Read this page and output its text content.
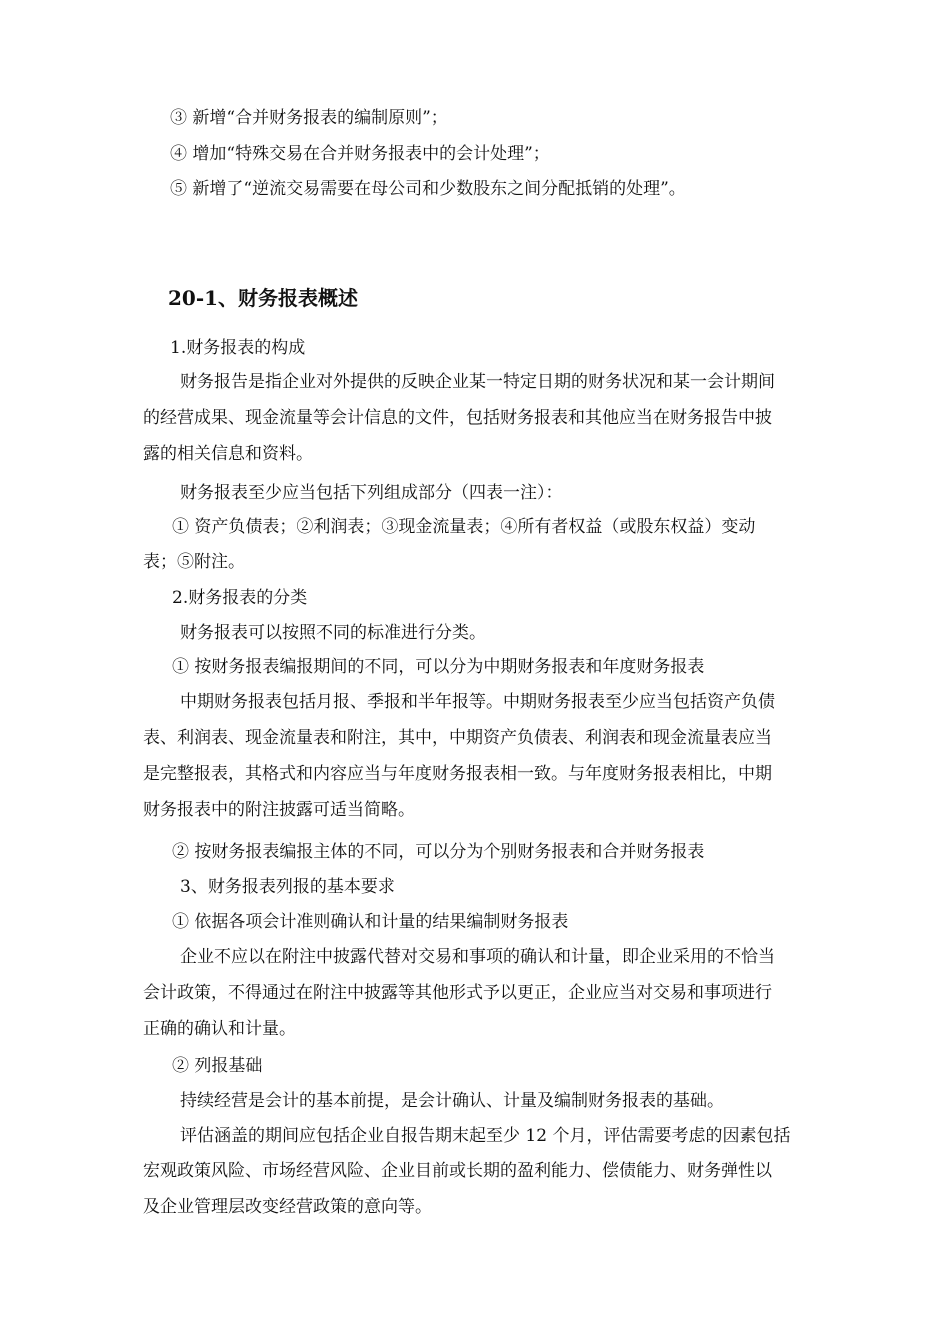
③ 新增“合并财务报表的编制原则”；
④ 增加“特殊交易在合并财务报表中的会计处理”；
⑤ 新增了“逆流交易需要在母公司和少数股东之间分配抵销的处理”。
20-1、财务报表概述
1.财务报表的构成
财务报告是指企业对外提供的反映企业某一特定日期的财务状况和某一会计期间
的经营成果、现金流量等会计信息的文件，包括财务报表和其他应当在财务报告中披
露的相关信息和资料。
财务报表至少应当包括下列组成部分（四表一注）：
① 资产负债表；②利润表；③现金流量表；④所有者权益（或股东权益）变动
表；⑤附注。
2.财务报表的分类
财务报表可以按照不同的标准进行分类。
① 按财务报表编报期间的不同，可以分为中期财务报表和年度财务报表
中期财务报表包括月报、季报和半年报等。中期财务报表至少应当包括资产负债
表、利润表、现金流量表和附注，其中，中期资产负债表、利润表和现金流量表应当
是完整报表，其格式和内容应当与年度财务报表相一致。与年度财务报表相比，中期
财务报表中的附注披露可适当简略。
② 按财务报表编报主体的不同，可以分为个别财务报表和合并财务报表
3、财务报表列报的基本要求
① 依据各项会计准则确认和计量的结果编制财务报表
企业不应以在附注中披露代替对交易和事项的确认和计量，即企业采用的不恰当
会计政策，不得通过在附注中披露等其他形式予以更正，企业应当对交易和事项进行
正确的确认和计量。
② 列报基础
持续经营是会计的基本前提，是会计确认、计量及编制财务报表的基础。
评估涵盖的期间应包括企业自报告期末起至少 12 个月，评估需要考虑的因素包括
宏观政策风险、市场经营风险、企业目前或长期的盈利能力、偿债能力、财务弹性以
及企业管理层改变经营政策的意向等。
